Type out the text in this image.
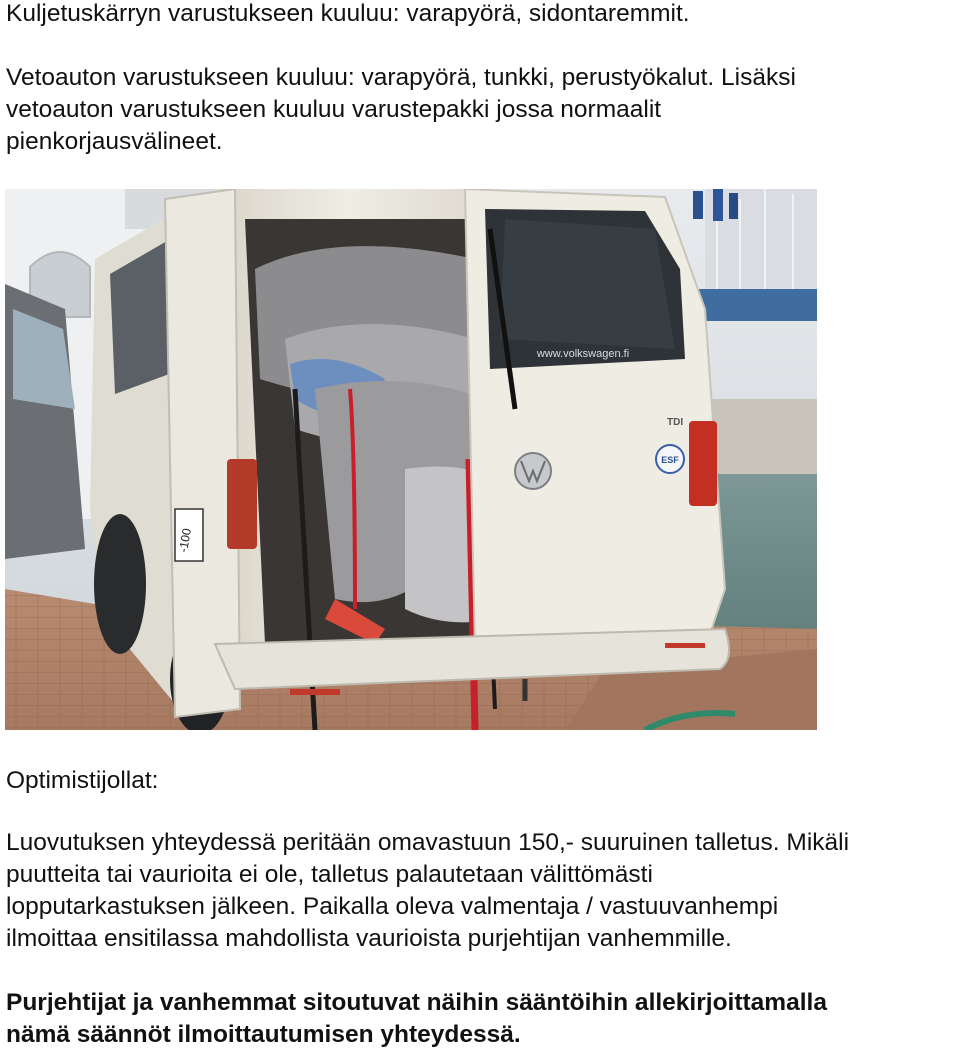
Kuljetuskärryn varustukseen kuuluu: varapyörä, sidontaremmit.

Vetoauton varustukseen kuuluu: varapyörä, tunkki, perustyökalut. Lisäksi

vetoauton varustukseen kuuluu varustepakki jossa normaalit

pienkorjausvälineet.

-100
www.volkswagen.fi
TDI
ESF

Optimistijollat:

Luovutuksen yhteydessä peritään omavastuun 150,- suuruinen talletus. Mikäli

puutteita tai vaurioita ei ole, talletus palautetaan välittömästi

lopputarkastuksen jälkeen. Paikalla oleva valmentaja / vastuuvanhempi

ilmoittaa ensitilassa mahdollista vaurioista purjehtijan vanhemmille.

Purjehtijat ja vanhemmat sitoutuvat näihin sääntöihin allekirjoittamalla

nämä säännöt ilmoittautumisen yhteydessä.
